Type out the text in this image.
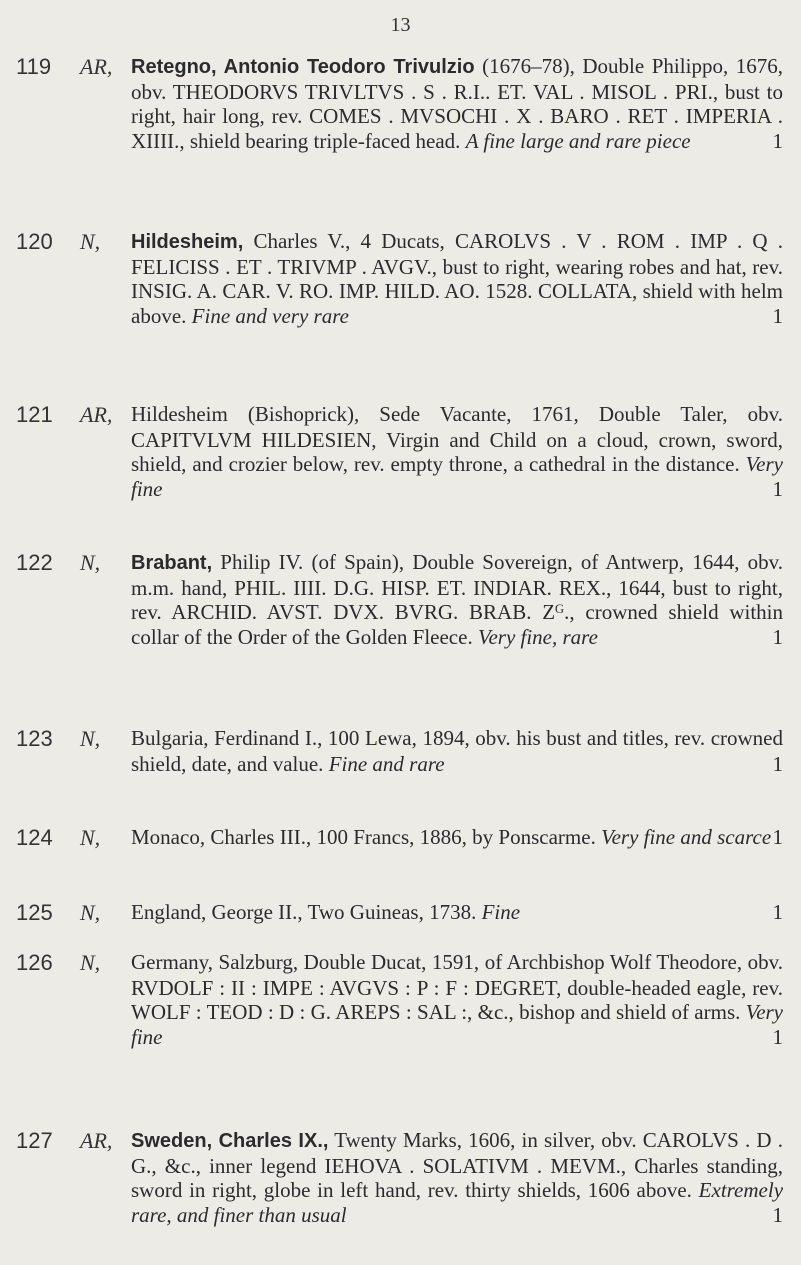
13
119	AR, Retegno, Antonio Teodoro Trivulzio (1676–78), Double Philippo, 1676, obv. THEODORVS TRIVLTVS . S . R.I.. ET. VAL . MISOL . PRI., bust to right, hair long, rev. COMES . MVSOCHI . X . BARO . RET . IMPERIA . XIIII., shield bearing triple-faced head. A fine large and rare piece	1
120	N, Hildesheim, Charles V., 4 Ducats, CAROLVS . V . ROM . IMP . Q . FELICISS . ET . TRIVMP . AVGV., bust to right, wearing robes and hat, rev. INSIG. A. CAR. V. RO. IMP. HILD. AO. 1528. COLLATA, shield with helm above. Fine and very rare	1
121	AR, Hildesheim (Bishoprick), Sede Vacante, 1761, Double Taler, obv. CAPITVLVM HILDESIEN, Virgin and Child on a cloud, crown, sword, shield, and crozier below, rev. empty throne, a cathedral in the distance. Very fine	1
122	N, Brabant, Philip IV. (of Spain), Double Sovereign, of Antwerp, 1644, obv. m.m. hand, PHIL. IIII. D.G. HISP. ET. INDIAR. REX., 1644, bust to right, rev. ARCHID. AVST. DVX. BVRG. BRAB. Zᴳ., crowned shield within collar of the Order of the Golden Fleece. Very fine, rare	1
123	N, Bulgaria, Ferdinand I., 100 Lewa, 1894, obv. his bust and titles, rev. crowned shield, date, and value. Fine and rare	1
124	N, Monaco, Charles III., 100 Francs, 1886, by Ponscarme. Very fine and scarce 1
125	N, England, George II., Two Guineas, 1738. Fine	1
126	N, Germany, Salzburg, Double Ducat, 1591, of Archbishop Wolf Theodore, obv. RVDOLF : II : IMPE : AVGVS : P : F : DEGRET, double-headed eagle, rev. WOLF : TEOD : D : G. AREPS : SAL :, &c., bishop and shield of arms. Very fine	1
127	AR, Sweden, Charles IX., Twenty Marks, 1606, in silver, obv. CAROLVS . D . G., &c., inner legend IEHOVA . SOLATIVM . MEVM., Charles standing, sword in right, globe in left hand, rev. thirty shields, 1606 above. Extremely rare, and finer than usual	1
